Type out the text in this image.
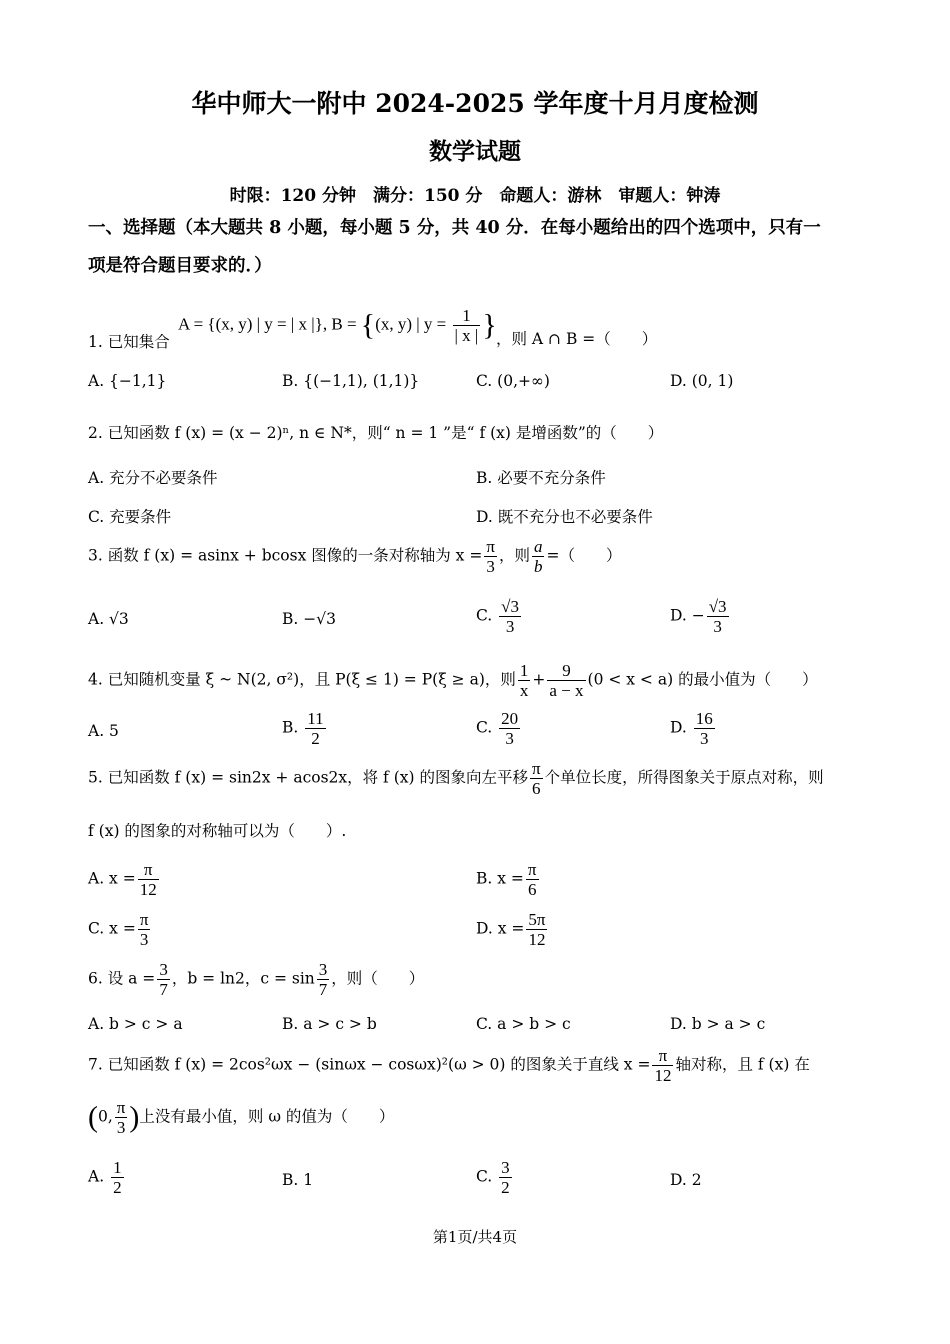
华中师大一附中 2024-2025 学年度十月月度检测
数学试题
时限：120 分钟　满分：150 分　命题人：游林　审题人：钟涛
一、选择题（本大题共 8 小题，每小题 5 分，共 40 分．在每小题给出的四个选项中，只有一
项是符合题目要求的．）
A = {(x, y) | y = | x |}, B = {(x, y) | $y = \frac{1}{| x |}$ }
1. 已知集合	，则 A ∩ B =（　　）
A. {−1,1}	B. {(−1,1), (1,1)}	C. (0,+∞)	D. (0, 1)
2. 已知函数 f (x) = (x − 2)ⁿ, n ∈ N*，则“ n = 1 ”是“ f (x) 是增函数”的（　　）
A. 充分不必要条件	B. 必要不充分条件
C. 充要条件	D. 既不充分也不必要条件
3. 函数 f (x) = asinx + bcosx 图像的一条对称轴为 $x = \frac{\pi}{3}$ ，则 $\frac{a}{b}$ =（　　）
A. √3	B. −√3	C. $\frac{√3}{3}$	D. − $\frac{√3}{3}$
4. 已知随机变量 ξ ~ N(2, σ²)，且 P(ξ ≤ 1) = P(ξ ≥ a)，则 $\frac{1}{x} + \frac{9}{a - x} (0 < x < a)$ 的最小值为（　　）
A. 5	B. $\frac{11}{2}$	C. $\frac{20}{3}$	D. $\frac{16}{3}$
5. 已知函数 f (x) = sin2x + acos2x，将 f (x) 的图象向左平移 $\frac{\pi}{6}$ 个单位长度，所得图象关于原点对称，则
f (x) 的图象的对称轴可以为（　　）.
A. $x = \frac{\pi}{12}$	B. $x = \frac{\pi}{6}$
C. $x = \frac{\pi}{3}$	D. $x = \frac{5\pi}{12}$
6. 设 $a = \frac{3}{7}$ ，b = ln2，$c = \sin \frac{3}{7}$ ，则（　　）
A. b > c > a	B. a > c > b	C. a > b > c	D. b > a > c
7. 已知函数 f (x) = 2cos²ωx − (sinωx − cosωx)²(ω > 0) 的图象关于直线 $x = \frac{\pi}{12}$ 轴对称，且 f (x) 在
(0, $\frac{\pi}{3}$ )上没有最小值，则 ω 的值为（　　）
A. $\frac{1}{2}$	B. 1	C. $\frac{3}{2}$	D. 2
第1页/共4页
